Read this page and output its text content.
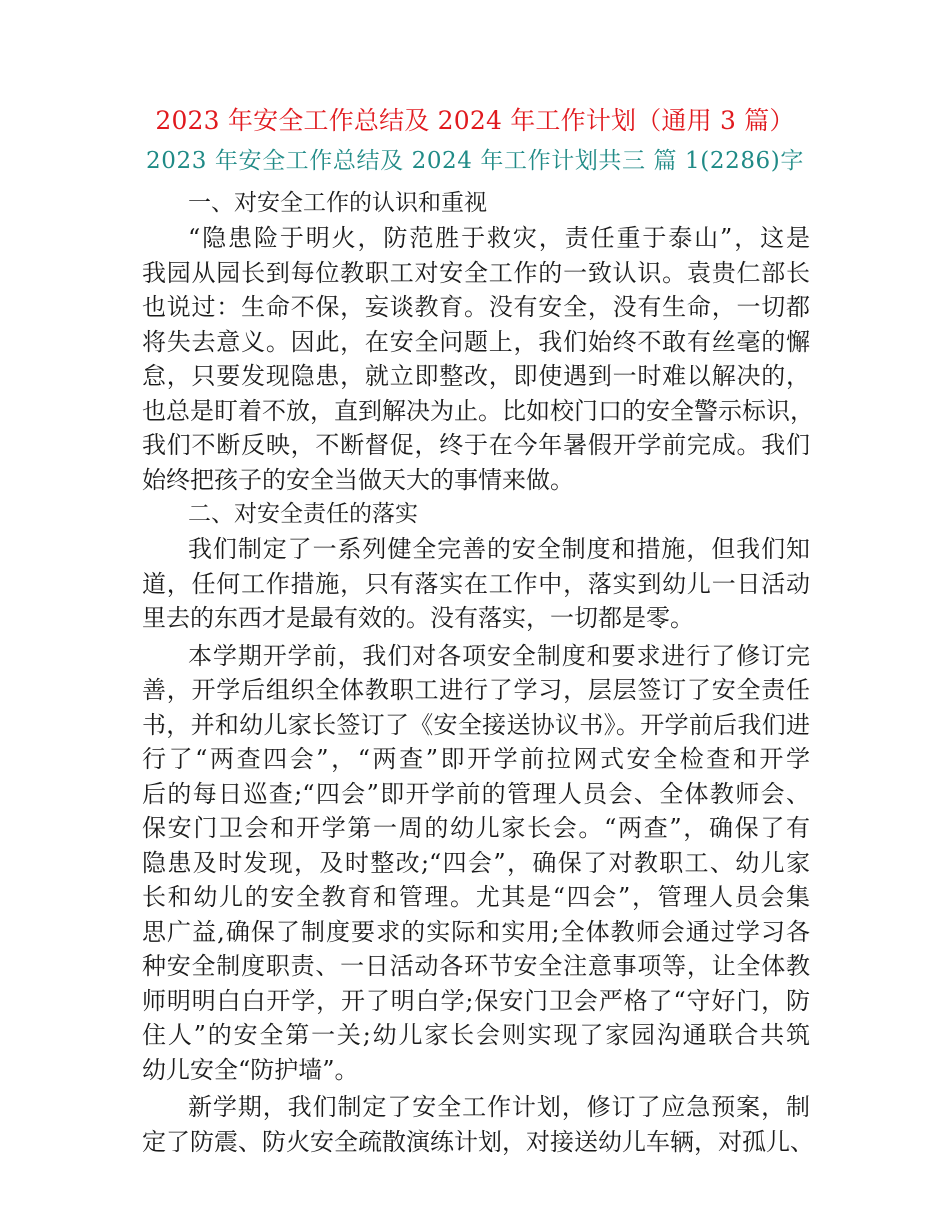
2023 年安全工作总结及 2024 年工作计划（通用 3 篇）
2023 年安全工作总结及 2024 年工作计划共三 篇 1(2286)字
一、对安全工作的认识和重视
“隐患险于明火，防范胜于救灾，责任重于泰山”，这是
我园从园长到每位教职工对安全工作的一致认识。袁贵仁部长
也说过：生命不保，妄谈教育。没有安全，没有生命，一切都
将失去意义。因此，在安全问题上，我们始终不敢有丝毫的懈
怠，只要发现隐患，就立即整改，即使遇到一时难以解决的，
也总是盯着不放，直到解决为止。比如校门口的安全警示标识，
我们不断反映，不断督促，终于在今年暑假开学前完成。我们
始终把孩子的安全当做天大的事情来做。
二、对安全责任的落实
我们制定了一系列健全完善的安全制度和措施，但我们知
道，任何工作措施，只有落实在工作中，落实到幼儿一日活动
里去的东西才是最有效的。没有落实，一切都是零。
本学期开学前，我们对各项安全制度和要求进行了修订完
善，开学后组织全体教职工进行了学习，层层签订了安全责任
书，并和幼儿家长签订了《安全接送协议书》。开学前后我们进
行了“两查四会”，“两查”即开学前拉网式安全检查和开学
后的每日巡查;“四会”即开学前的管理人员会、全体教师会、
保安门卫会和开学第一周的幼儿家长会。“两查”，确保了有
隐患及时发现，及时整改;“四会”，确保了对教职工、幼儿家
长和幼儿的安全教育和管理。尤其是“四会”，管理人员会集
思广益,确保了制度要求的实际和实用;全体教师会通过学习各
种安全制度职责、一日活动各环节安全注意事项等，让全体教
师明明白白开学，开了明白学;保安门卫会严格了“守好门，防
住人”的安全第一关;幼儿家长会则实现了家园沟通联合共筑
幼儿安全“防护墙”。
新学期，我们制定了安全工作计划，修订了应急预案，制
定了防震、防火安全疏散演练计划，对接送幼儿车辆，对孤儿、
